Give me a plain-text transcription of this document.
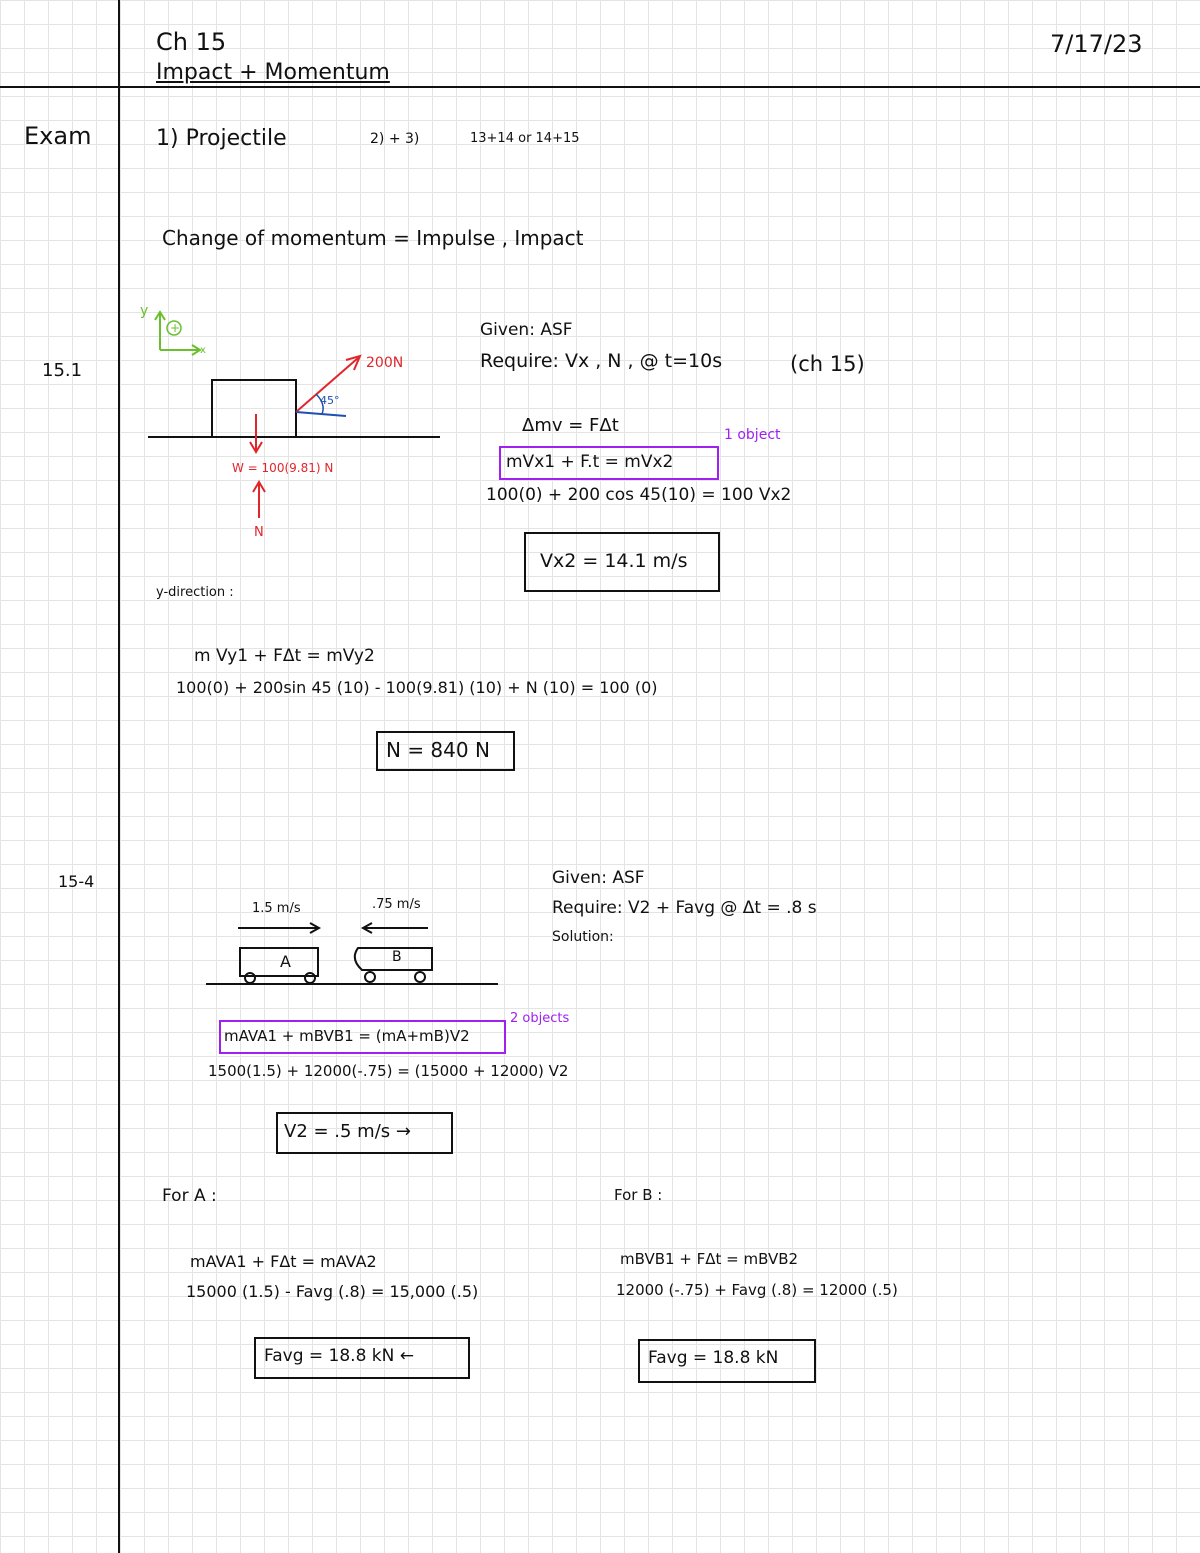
Ch 15
Impact + Momentum
7/17/23
Exam
15.1
15-4
1) Projectile	2) + 3)	13+14 or 14+15
Change of momentum = Impulse , Impact
y
x
+
200N
45°
W = 100(9.81) N
N
Given: ASF
Require: Vx , N , @ t=10s	(ch 15)
Δmv = FΔt	1 object
mVx1 + F.t = mVx2
100(0) + 200 cos 45(10) = 100 Vx2
Vx2 = 14.1 m/s
y-direction :
m Vy1 + FΔt = mVy2
100(0) + 200sin 45 (10) - 100(9.81) (10) + N (10) = 100 (0)
N = 840 N
1.5 m/s	.75 m/s
A	B
Given: ASF
Require: V2 + Favg @ Δt = .8 s
Solution:
mAVA1 + mBVB1 = (mA+mB)V2
2 objects
1500(1.5) + 12000(-.75) = (15000 + 12000) V2
V2 = .5 m/s →
For A :
mAVA1 + FΔt = mAVA2
15000 (1.5) - Favg (.8) = 15,000 (.5)
Favg = 18.8 kN ←
For B :
mBVB1 + FΔt = mBVB2
12000 (-.75) + Favg (.8) = 12000 (.5)
Favg = 18.8 kN
